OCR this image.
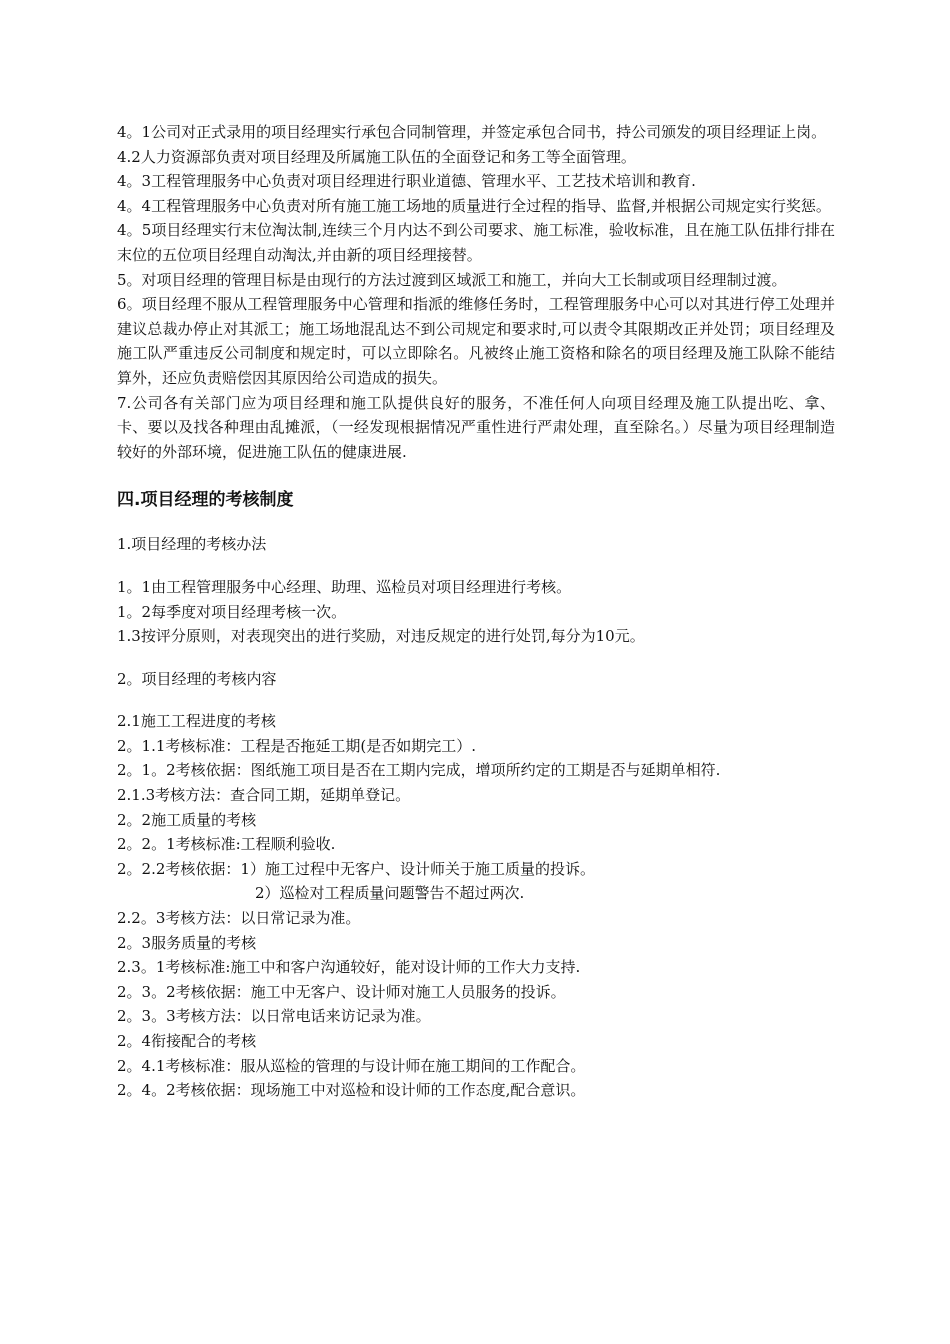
4。1公司对正式录用的项目经理实行承包合同制管理，并签定承包合同书，持公司颁发的项目经理证上岗。

4.2人力资源部负责对项目经理及所属施工队伍的全面登记和务工等全面管理。

4。3工程管理服务中心负责对项目经理进行职业道德、管理水平、工艺技术培训和教育.

4。4工程管理服务中心负责对所有施工施工场地的质量进行全过程的指导、监督,并根据公司规定实行奖惩。

4。5项目经理实行末位淘汰制,连续三个月内达不到公司要求、施工标准，验收标准，且在施工队伍排行排在末位的五位项目经理自动淘汰,并由新的项目经理接替。

5。对项目经理的管理目标是由现行的方法过渡到区域派工和施工，并向大工长制或项目经理制过渡。

6。项目经理不服从工程管理服务中心管理和指派的维修任务时，工程管理服务中心可以对其进行停工处理并建议总裁办停止对其派工；施工场地混乱达不到公司规定和要求时,可以责令其限期改正并处罚；项目经理及施工队严重违反公司制度和规定时，可以立即除名。凡被终止施工资格和除名的项目经理及施工队除不能结算外，还应负责赔偿因其原因给公司造成的损失。

7.公司各有关部门应为项目经理和施工队提供良好的服务，不准任何人向项目经理及施工队提出吃、拿、卡、要以及找各种理由乱摊派，（一经发现根据情况严重性进行严肃处理，直至除名。）尽量为项目经理制造较好的外部环境，促进施工队伍的健康进展.

四.项目经理的考核制度

1.项目经理的考核办法

1。1由工程管理服务中心经理、助理、巡检员对项目经理进行考核。

1。2每季度对项目经理考核一次。

1.3按评分原则，对表现突出的进行奖励，对违反规定的进行处罚,每分为10元。

2。项目经理的考核内容

2.1施工工程进度的考核

2。1.1考核标准：工程是否拖延工期(是否如期完工）.

2。1。2考核依据：图纸施工项目是否在工期内完成，增项所约定的工期是否与延期单相符.

2.1.3考核方法：查合同工期，延期单登记。

2。2施工质量的考核

2。2。1考核标准:工程顺利验收.

2。2.2考核依据：1）施工过程中无客户、设计师关于施工质量的投诉。

2）巡检对工程质量问题警告不超过两次.

2.2。3考核方法：以日常记录为准。

2。3服务质量的考核

2.3。1考核标准:施工中和客户沟通较好，能对设计师的工作大力支持.

2。3。2考核依据：施工中无客户、设计师对施工人员服务的投诉。

2。3。3考核方法：以日常电话来访记录为准。

2。4衔接配合的考核

2。4.1考核标准：服从巡检的管理的与设计师在施工期间的工作配合。

2。4。2考核依据：现场施工中对巡检和设计师的工作态度,配合意识。
